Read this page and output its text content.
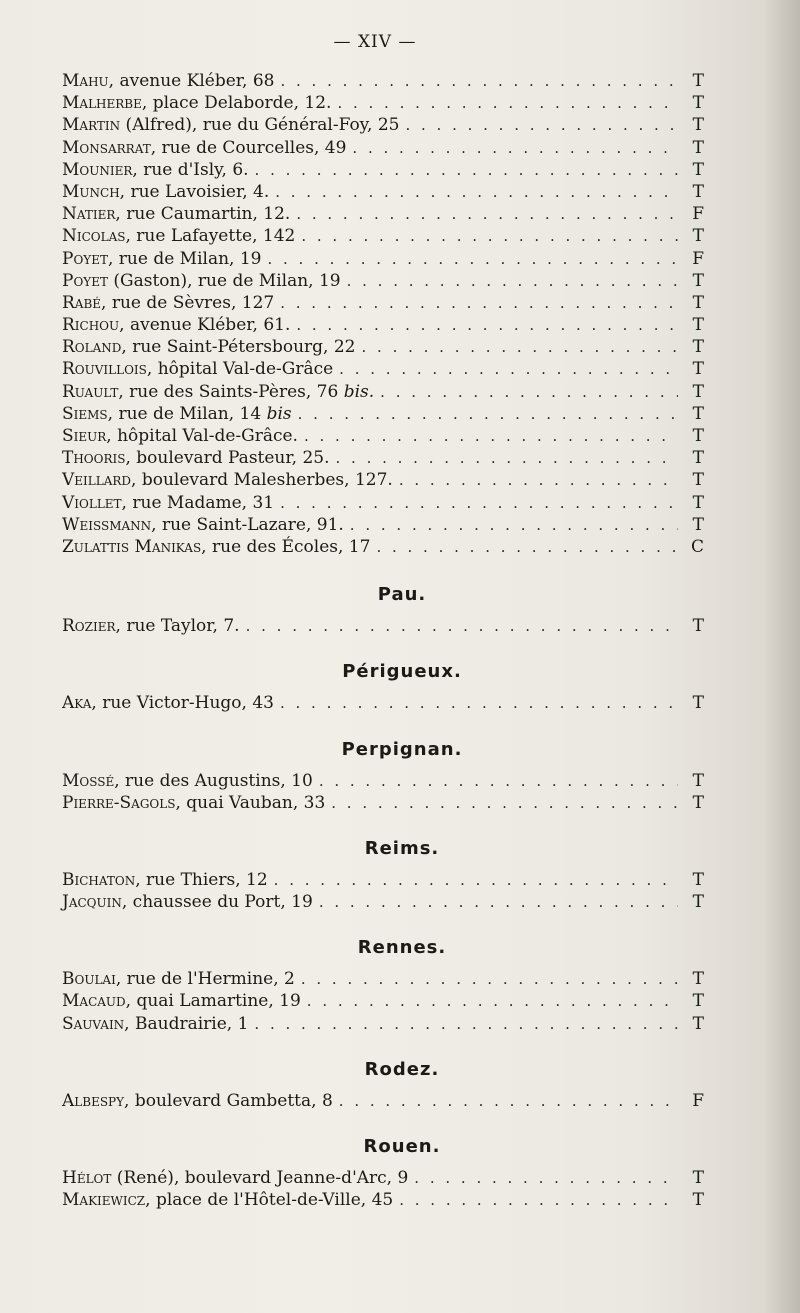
— XIV —
Mahu, avenue Kléber, 68 . . .	T
Malherbe, place Delaborde, 12. . . .	T
Martin (Alfred), rue du Général-Foy, 25 . . .	T
Monsarrat, rue de Courcelles, 49 . . .	T
Mounier, rue d'Isly, 6. . . .	T
Munch, rue Lavoisier, 4. . . .	T
Natier, rue Caumartin, 12. . . .	F
Nicolas, rue Lafayette, 142 . . .	T
Poyet, rue de Milan, 19 . . .	F
Poyet (Gaston), rue de Milan, 19 . . .	T
Rabé, rue de Sèvres, 127 . . .	T
Richou, avenue Kléber, 61. . . .	T
Roland, rue Saint-Pétersbourg, 22 . . .	T
Rouvillois, hôpital Val-de-Grâce . . .	T
Ruault, rue des Saints-Pères, 76 bis. . . .	T
Siems, rue de Milan, 14 bis . . .	T
Sieur, hôpital Val-de-Grâce. . . .	T
Thooris, boulevard Pasteur, 25. . . .	T
Veillard, boulevard Malesherbes, 127. . . .	T
Viollet, rue Madame, 31 . . .	T
Weissmann, rue Saint-Lazare, 91. . . .	T
Zulattis Manikas, rue des Écoles, 17 . . .	C
Pau.
Rozier, rue Taylor, 7. . . .	T
Périgueux.
Aka, rue Victor-Hugo, 43 . . .	T
Perpignan.
Mossé, rue des Augustins, 10 . . .	T
Pierre-Sagols, quai Vauban, 33 . . .	T
Reims.
Bichaton, rue Thiers, 12 . . .	T
Jacquin, chaussee du Port, 19 . . .	T
Rennes.
Boulai, rue de l'Hermine, 2 . . .	T
Macaud, quai Lamartine, 19 . . .	T
Sauvain, Baudrairie, 1 . . .	T
Rodez.
Albespy, boulevard Gambetta, 8 . . .	F
Rouen.
Hélot (René), boulevard Jeanne-d'Arc, 9 . . .	T
Makiewicz, place de l'Hôtel-de-Ville, 45 . . .	T
